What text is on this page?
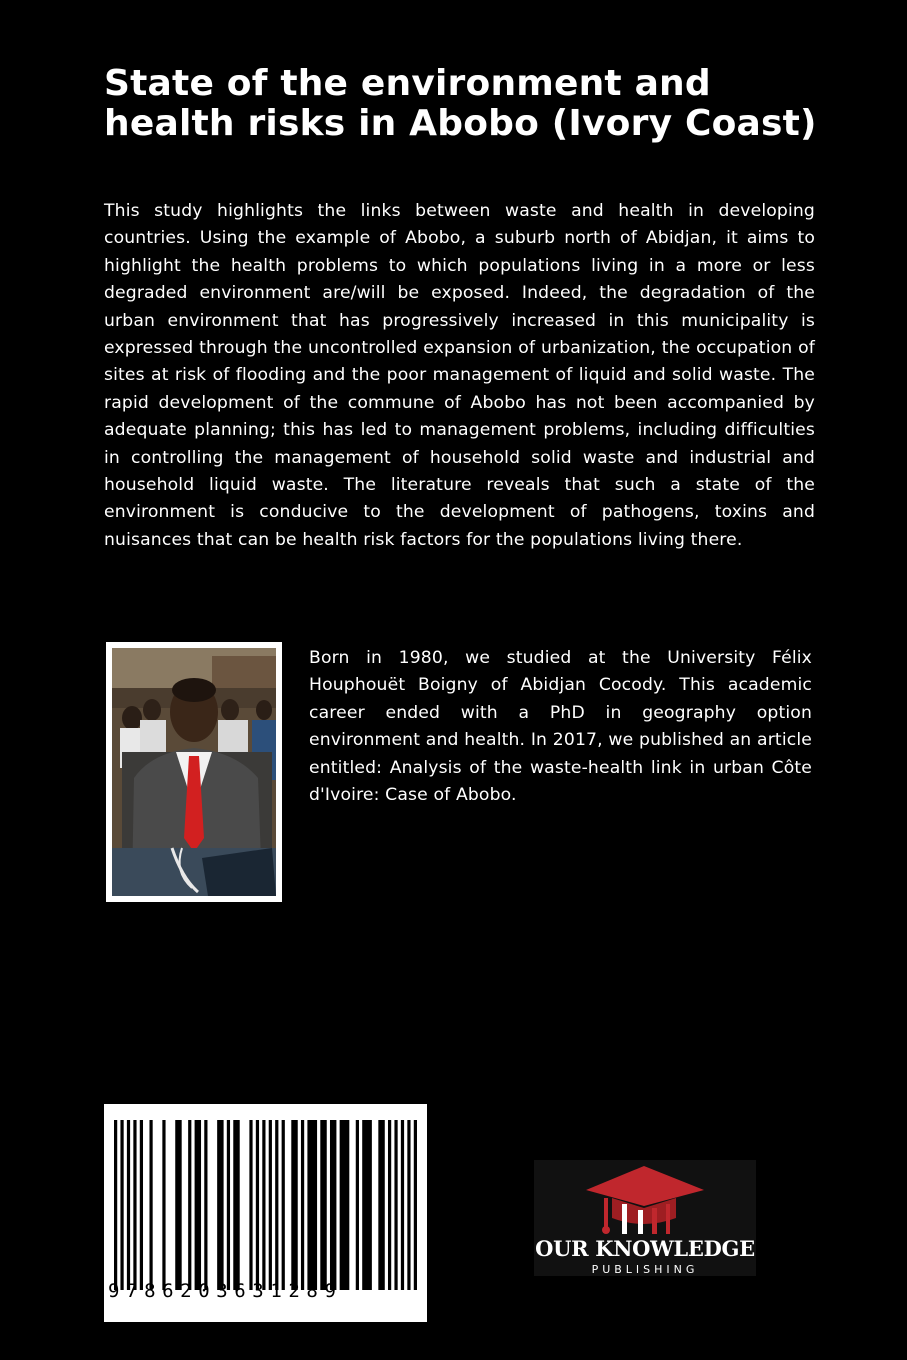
State of the environment and health risks in Abobo (Ivory Coast)

This study highlights the links between waste and health in developing countries. Using the example of Abobo, a suburb north of Abidjan, it aims to highlight the health problems to which populations living in a more or less degraded environment are/will be exposed. Indeed, the degradation of the urban environment that has progressively increased in this municipality is expressed through the uncontrolled expansion of urbanization, the occupation of sites at risk of flooding and the poor management of liquid and solid waste. The rapid development of the commune of Abobo has not been accompanied by adequate planning; this has led to management problems, including difficulties in controlling the management of household solid waste and industrial and household liquid waste. The literature reveals that such a state of the environment is conducive to the development of pathogens, toxins and nuisances that can be health risk factors for the populations living there.

Born in 1980, we studied at the University Félix Houphouët Boigny of Abidjan Cocody. This academic career ended with a PhD in geography option environment and health. In 2017, we published an article entitled: Analysis of the waste-health link in urban Côte d'Ivoire: Case of Abobo.

9786203631289
OUR KNOWLEDGE
PUBLISHING
